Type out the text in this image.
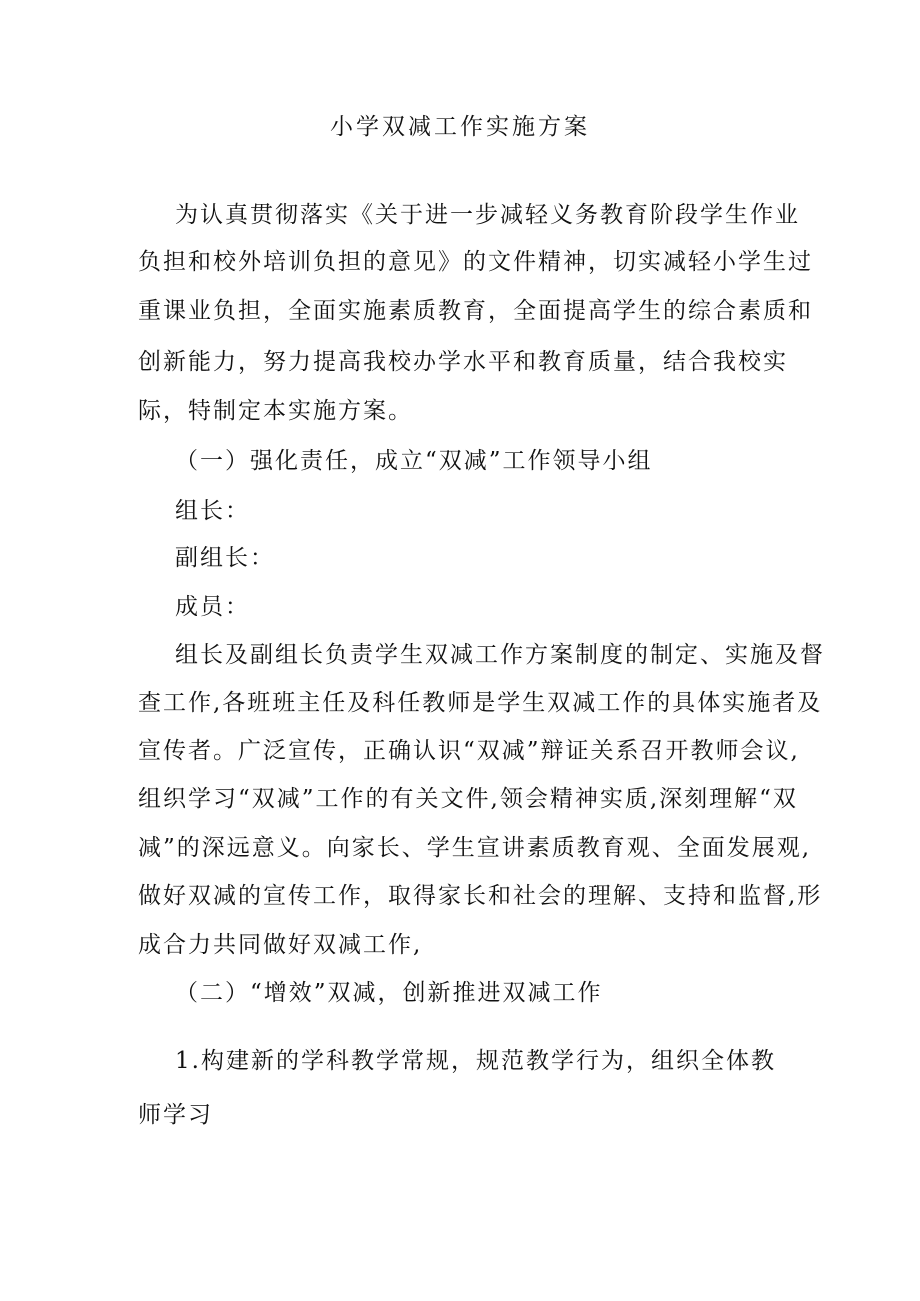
小学双减工作实施方案
为认真贯彻落实《关于进一步减轻义务教育阶段学生作业
负担和校外培训负担的意见》的文件精神，切实减轻小学生过
重课业负担，全面实施素质教育，全面提高学生的综合素质和
创新能力，努力提高我校办学水平和教育质量，结合我校实
际，特制定本实施方案。
（一）强化责任，成立“双减”工作领导小组
组长：
副组长：
成员：
组长及副组长负责学生双减工作方案制度的制定、实施及督
查工作,各班班主任及科任教师是学生双减工作的具体实施者及
宣传者。广泛宣传，正确认识“双减”辩证关系召开教师会议,
组织学习“双减”工作的有关文件,领会精神实质,深刻理解“双
减”的深远意义。向家长、学生宣讲素质教育观、全面发展观,
做好双减的宣传工作，取得家长和社会的理解、支持和监督,形
成合力共同做好双减工作,
（二）“增效”双减，创新推进双减工作
1.构建新的学科教学常规，规范教学行为，组织全体教
师学习
